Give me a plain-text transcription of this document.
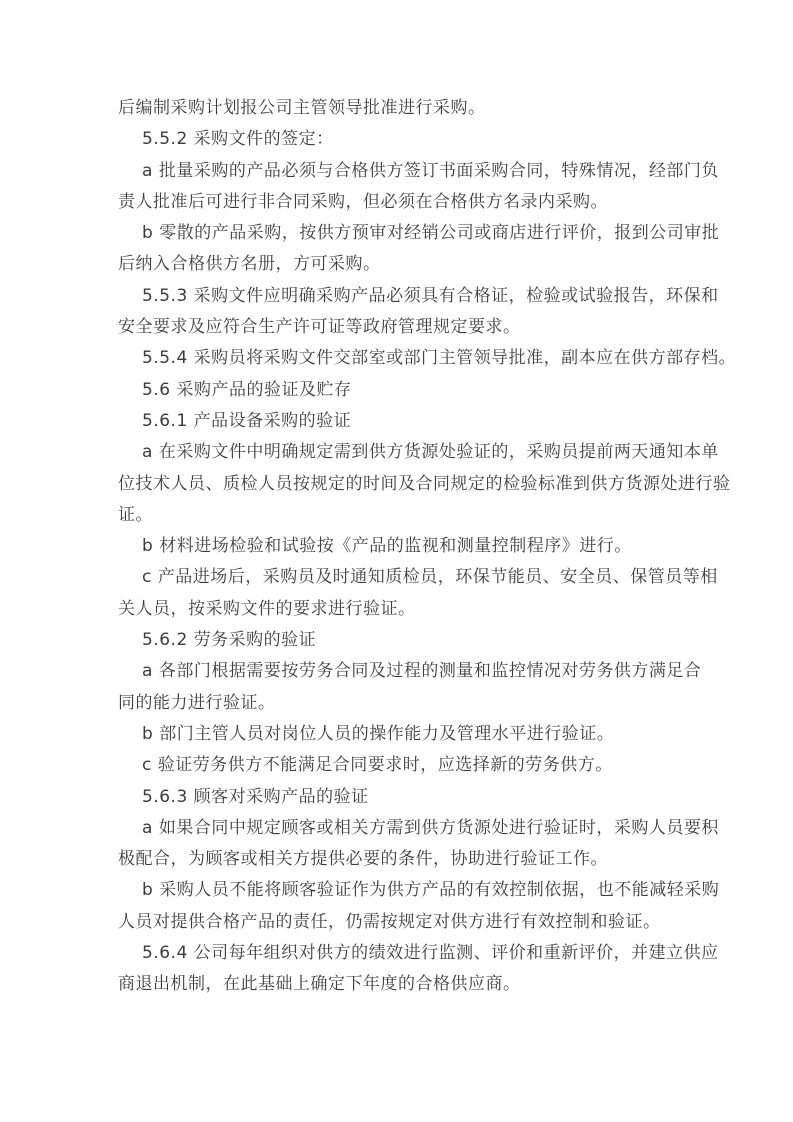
后编制采购计划报公司主管领导批准进行采购。
5.5.2 采购文件的签定：
a 批量采购的产品必须与合格供方签订书面采购合同，特殊情况，经部门负
责人批准后可进行非合同采购，但必须在合格供方名录内采购。
b 零散的产品采购，按供方预审对经销公司或商店进行评价，报到公司审批
后纳入合格供方名册，方可采购。
5.5.3 采购文件应明确采购产品必须具有合格证，检验或试验报告，环保和
安全要求及应符合生产许可证等政府管理规定要求。
5.5.4 采购员将采购文件交部室或部门主管领导批准，副本应在供方部存档。
5.6 采购产品的验证及贮存
5.6.1 产品设备采购的验证
a 在采购文件中明确规定需到供方货源处验证的，采购员提前两天通知本单
位技术人员、质检人员按规定的时间及合同规定的检验标准到供方货源处进行验
证。
b 材料进场检验和试验按《产品的监视和测量控制程序》进行。
c 产品进场后，采购员及时通知质检员，环保节能员、安全员、保管员等相
关人员，按采购文件的要求进行验证。
5.6.2 劳务采购的验证
a 各部门根据需要按劳务合同及过程的测量和监控情况对劳务供方满足合
同的能力进行验证。
b 部门主管人员对岗位人员的操作能力及管理水平进行验证。
c 验证劳务供方不能满足合同要求时，应选择新的劳务供方。
5.6.3 顾客对采购产品的验证
a 如果合同中规定顾客或相关方需到供方货源处进行验证时，采购人员要积
极配合，为顾客或相关方提供必要的条件，协助进行验证工作。
b 采购人员不能将顾客验证作为供方产品的有效控制依据，也不能减轻采购
人员对提供合格产品的责任，仍需按规定对供方进行有效控制和验证。
5.6.4 公司每年组织对供方的绩效进行监测、评价和重新评价，并建立供应
商退出机制，在此基础上确定下年度的合格供应商。
